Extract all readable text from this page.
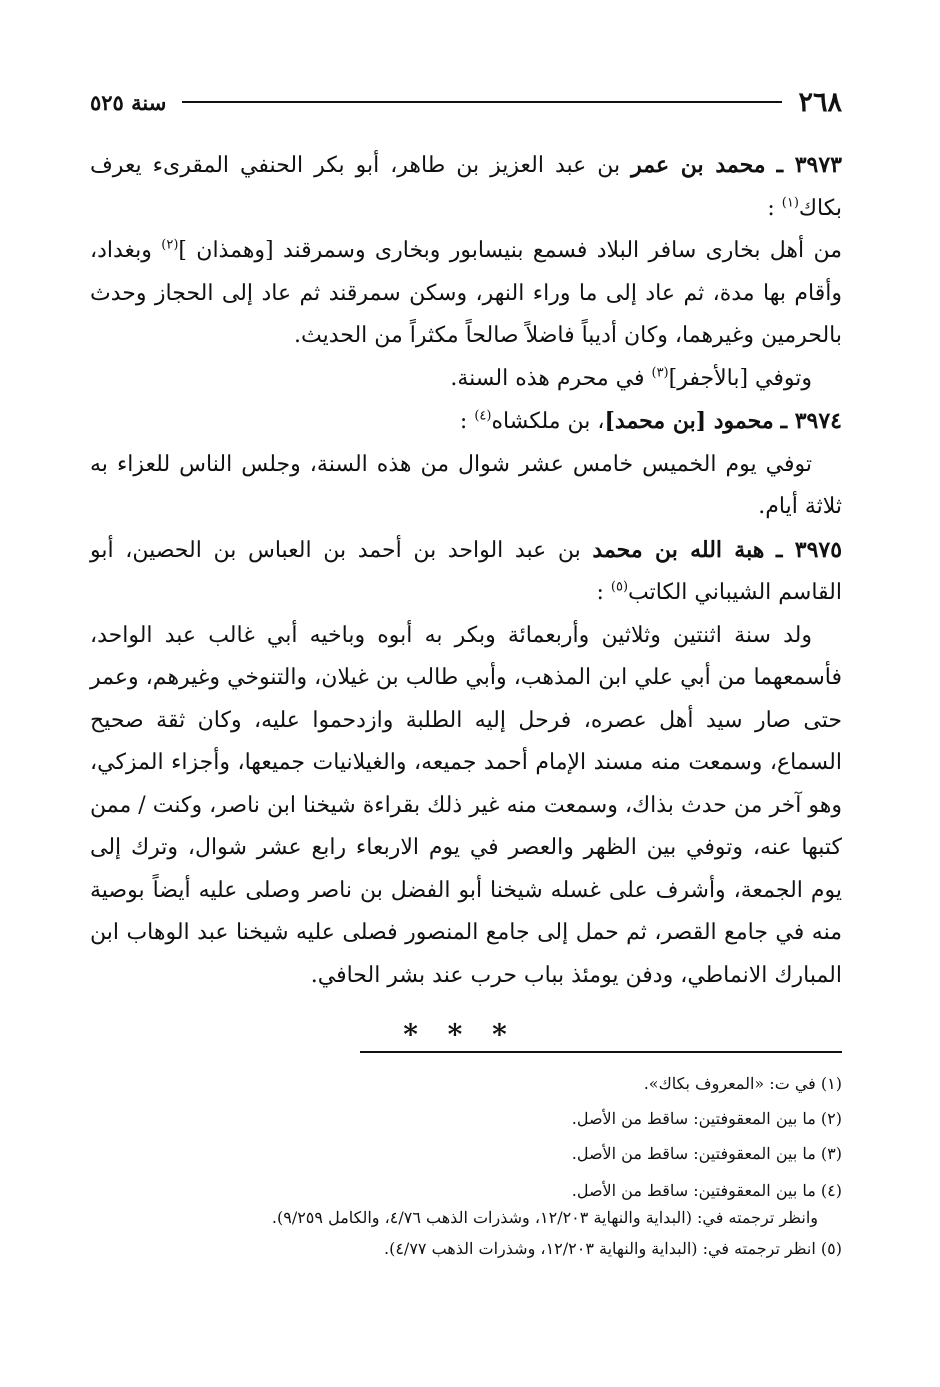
٢٦٨
سنة ٥٢٥

٣٩٧٣ ـ محمد بن عمر بن عبد العزيز بن طاهر، أبو بكر الحنفي المقرىء يعرف بكاك$^{(١)}$ :

من أهل بخارى سافر البلاد فسمع بنيسابور وبخارى وسمرقند [وهمذان ]$^{(٢)}$ وبغداد، وأقام بها مدة، ثم عاد إلى ما وراء النهر، وسكن سمرقند ثم عاد إلى الحجاز وحدث بالحرمين وغيرهما، وكان أديباً فاضلاً صالحاً مكثراً من الحديث.

وتوفي [بالأجفر]$^{(٣)}$ في محرم هذه السنة.

٣٩٧٤ ـ محمود [بن محمد]، بن ملكشاه$^{(٤)}$ :

توفي يوم الخميس خامس عشر شوال من هذه السنة، وجلس الناس للعزاء به ثلاثة أيام.

٣٩٧٥ ـ هبة الله بن محمد بن عبد الواحد بن أحمد بن العباس بن الحصين، أبو القاسم الشيباني الكاتب$^{(٥)}$ :

ولد سنة اثنتين وثلاثين وأربعمائة وبكر به أبوه وباخيه أبي غالب عبد الواحد، فأسمعهما من أبي علي ابن المذهب، وأبي طالب بن غيلان، والتنوخي وغيرهم، وعمر حتى صار سيد أهل عصره، فرحل إليه الطلبة وازدحموا عليه، وكان ثقة صحيح السماع، وسمعت منه مسند الإمام أحمد جميعه، والغيلانيات جميعها، وأجزاء المزكي، وهو آخر من حدث بذاك، وسمعت منه غير ذلك بقراءة شيخنا ابن ناصر، وكنت / ممن كتبها عنه، وتوفي بين الظهر والعصر في يوم الاربعاء رابع عشر شوال، وترك إلى يوم الجمعة، وأشرف على غسله شيخنا أبو الفضل بن ناصر وصلى عليه أيضاً بوصية منه في جامع القصر، ثم حمل إلى جامع المنصور فصلى عليه شيخنا عبد الوهاب ابن المبارك الانماطي، ودفن يومئذ بباب حرب عند بشر الحافي.

* * *

(١) في ت: «المعروف بكاك».

(٢) ما بين المعقوفتين: ساقط من الأصل.

(٣) ما بين المعقوفتين: ساقط من الأصل.

(٤) ما بين المعقوفتين: ساقط من الأصل.

وانظر ترجمته في: (البداية والنهاية ١٢/٢٠٣، وشذرات الذهب ٤/٧٦، والكامل ٩/٢٥٩).

(٥) انظر ترجمته في: (البداية والنهاية ١٢/٢٠٣، وشذرات الذهب ٤/٧٧).
